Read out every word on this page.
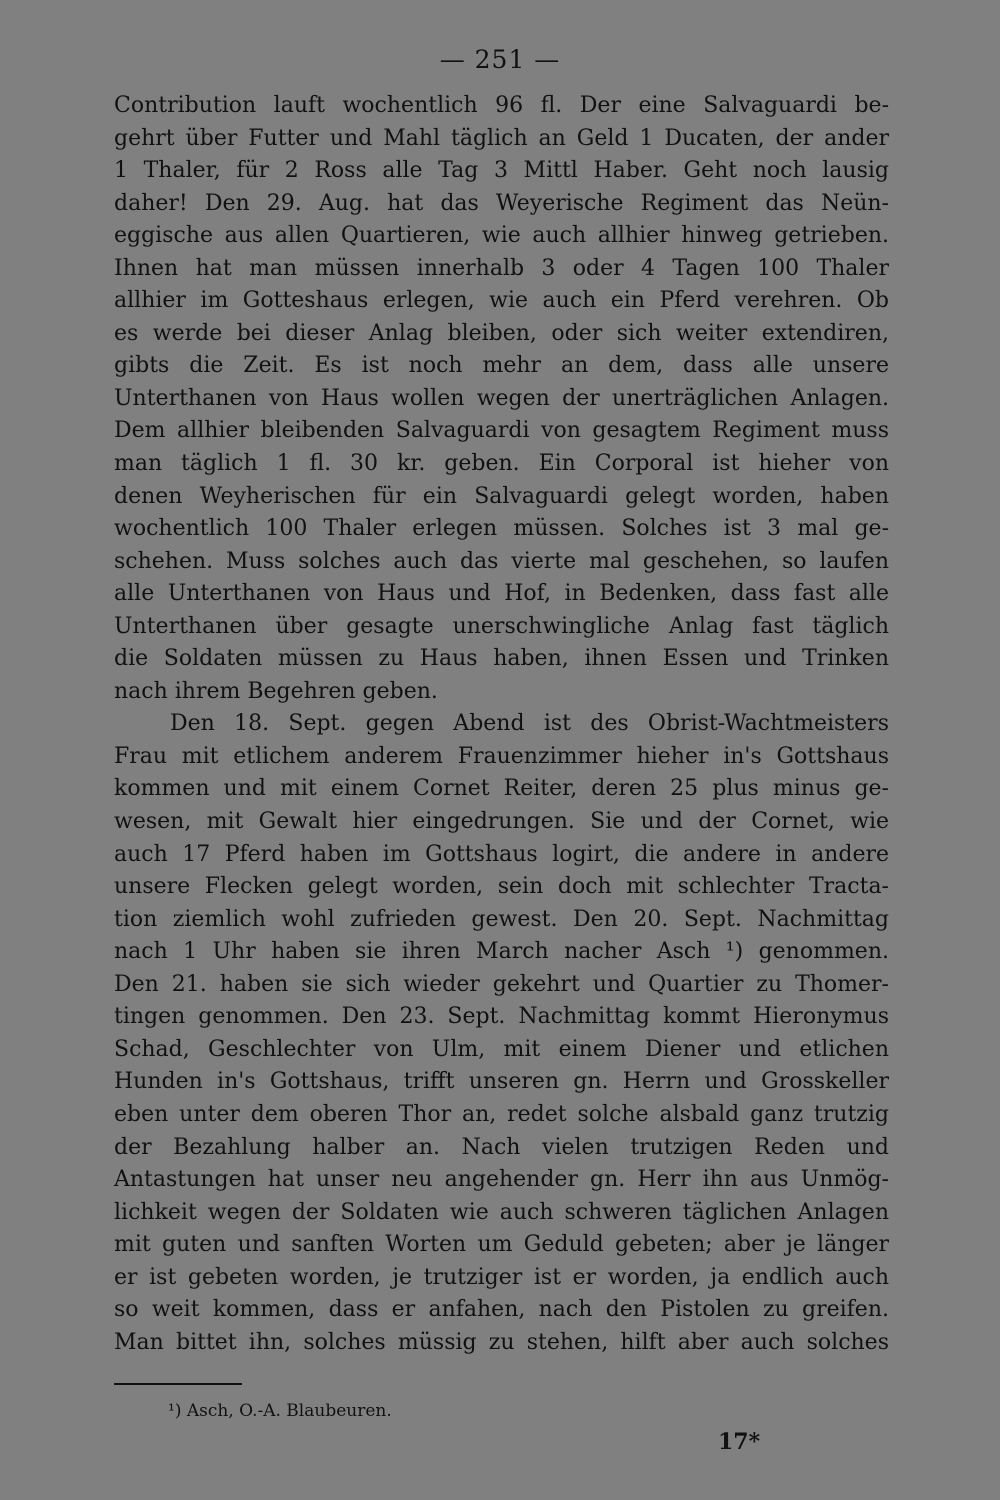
— 251 —
Contribution lauft wochentlich 96 fl. Der eine Salvaguardi be-
gehrt über Futter und Mahl täglich an Geld 1 Ducaten, der ander
1 Thaler, für 2 Ross alle Tag 3 Mittl Haber. Geht noch lausig
daher! Den 29. Aug. hat das Weyerische Regiment das Neün-
eggische aus allen Quartieren, wie auch allhier hinweg getrieben.
Ihnen hat man müssen innerhalb 3 oder 4 Tagen 100 Thaler
allhier im Gotteshaus erlegen, wie auch ein Pferd verehren. Ob
es werde bei dieser Anlag bleiben, oder sich weiter extendiren,
gibts die Zeit. Es ist noch mehr an dem, dass alle unsere
Unterthanen von Haus wollen wegen der unerträglichen Anlagen.
Dem allhier bleibenden Salvaguardi von gesagtem Regiment muss
man täglich 1 fl. 30 kr. geben. Ein Corporal ist hieher von
denen Weyherischen für ein Salvaguardi gelegt worden, haben
wochentlich 100 Thaler erlegen müssen. Solches ist 3 mal ge-
schehen. Muss solches auch das vierte mal geschehen, so laufen
alle Unterthanen von Haus und Hof, in Bedenken, dass fast alle
Unterthanen über gesagte unerschwingliche Anlag fast täglich
die Soldaten müssen zu Haus haben, ihnen Essen und Trinken
nach ihrem Begehren geben.
Den 18. Sept. gegen Abend ist des Obrist-Wachtmeisters
Frau mit etlichem anderem Frauenzimmer hieher in's Gottshaus
kommen und mit einem Cornet Reiter, deren 25 plus minus ge-
wesen, mit Gewalt hier eingedrungen. Sie und der Cornet, wie
auch 17 Pferd haben im Gottshaus logirt, die andere in andere
unsere Flecken gelegt worden, sein doch mit schlechter Tracta-
tion ziemlich wohl zufrieden gewest. Den 20. Sept. Nachmittag
nach 1 Uhr haben sie ihren March nacher Asch ¹) genommen.
Den 21. haben sie sich wieder gekehrt und Quartier zu Thomer-
tingen genommen. Den 23. Sept. Nachmittag kommt Hieronymus
Schad, Geschlechter von Ulm, mit einem Diener und etlichen
Hunden in's Gottshaus, trifft unseren gn. Herrn und Grosskeller
eben unter dem oberen Thor an, redet solche alsbald ganz trutzig
der Bezahlung halber an. Nach vielen trutzigen Reden und
Antastungen hat unser neu angehender gn. Herr ihn aus Unmög-
lichkeit wegen der Soldaten wie auch schweren täglichen Anlagen
mit guten und sanften Worten um Geduld gebeten; aber je länger
er ist gebeten worden, je trutziger ist er worden, ja endlich auch
so weit kommen, dass er anfahen, nach den Pistolen zu greifen.
Man bittet ihn, solches müssig zu stehen, hilft aber auch solches
¹) Asch, O.-A. Blaubeuren.
17*
